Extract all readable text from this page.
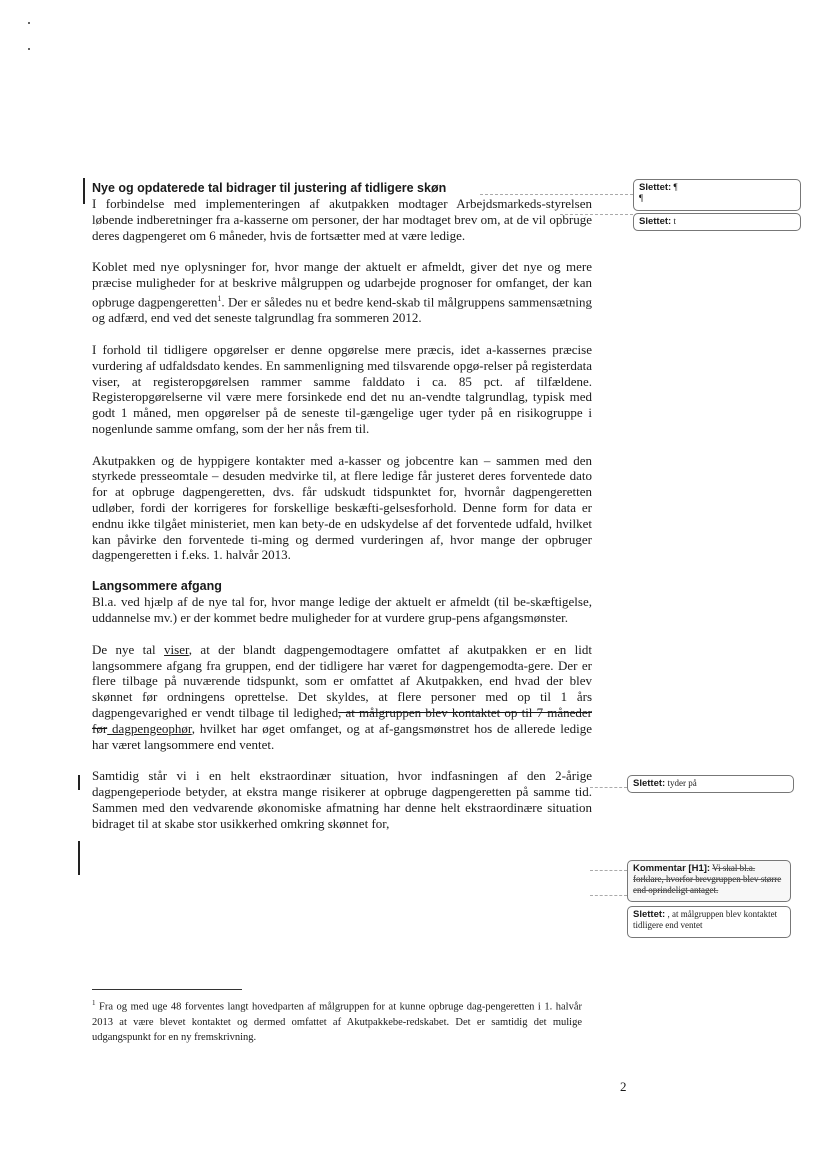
Nye og opdaterede tal bidrager til justering af tidligere skøn

I forbindelse med implementeringen af akutpakken modtager Arbejdsmarkeds-styrelsen løbende indberetninger fra a-kasserne om personer, der har modtaget brev om, at de vil opbruge deres dagpengeret om 6 måneder, hvis de fortsætter med at være ledige.

Koblet med nye oplysninger for, hvor mange der aktuelt er afmeldt, giver det nye og mere præcise muligheder for at beskrive målgruppen og udarbejde prognoser for omfanget, der kan opbruge dagpengeretten$^1$. Der er således nu et bedre kend-skab til målgruppens sammensætning og adfærd, end ved det seneste talgrundlag fra sommeren 2012.

I forhold til tidligere opgørelser er denne opgørelse mere præcis, idet a-kassernes præcise vurdering af udfaldsdato kendes. En sammenligning med tilsvarende opgø-relser på registerdata viser, at registeropgørelsen rammer samme falddato i ca. 85 pct. af tilfældene. Registeropgørelserne vil være mere forsinkede end det nu an-vendte talgrundlag, typisk med godt 1 måned, men opgørelser på de seneste til-gængelige uger tyder på en risikogruppe i nogenlunde samme omfang, som der her nås frem til.

Akutpakken og de hyppigere kontakter med a-kasser og jobcentre kan – sammen med den styrkede presseomtale – desuden medvirke til, at flere ledige får justeret deres forventede dato for at opbruge dagpengeretten, dvs. får udskudt tidspunktet for, hvornår dagpengeretten udløber, fordi der korrigeres for forskellige beskæfti-gelsesforhold. Denne form for data er endnu ikke tilgået ministeriet, men kan bety-de en udskydelse af det forventede udfald, hvilket kan påvirke den forventede ti-ming og dermed vurderingen af, hvor mange der opbruger dagpengeretten i f.eks. 1. halvår 2013.

Langsommere afgang

Bl.a. ved hjælp af de nye tal for, hvor mange ledige der aktuelt er afmeldt (til be-skæftigelse, uddannelse mv.) er der kommet bedre muligheder for at vurdere grup-pens afgangsmønster.

De nye tal viser, at der blandt dagpengemodtagere omfattet af akutpakken er en lidt langsommere afgang fra gruppen, end der tidligere har været for dagpengemodta-gere. Der er flere tilbage på nuværende tidspunkt, som er omfattet af Akutpakken, end hvad der blev skønnet før ordningens oprettelse. Det skyldes, at flere personer med op til 1 års dagpengevarighed er vendt tilbage til ledighed, at målgruppen blev kontaktet op til 7 måneder før dagpengeophør, hvilket har øget omfanget, og at af-gangsmønstret hos de allerede ledige har været langsommere end ventet.

Samtidig står vi i en helt ekstraordinær situation, hvor indfasningen af den 2-årige dagpengeperiode betyder, at ekstra mange risikerer at opbruge dagpengeretten på samme tid. Sammen med den vedvarende økonomiske afmatning har denne helt ekstraordinære situation bidraget til at skabe stor usikkerhed omkring skønnet for,

Slettet: ¶
¶
Slettet: t
Slettet: tyder på
Kommentar [H1]: Vi skal bl.a. forklare, hvorfor brevgruppen blev større end oprindeligt antaget.
Slettet: , at målgruppen blev kontaktet tidligere end ventet
$^1$ Fra og med uge 48 forventes langt hovedparten af målgruppen for at kunne opbruge dag-pengeretten i 1. halvår 2013 at være blevet kontaktet og dermed omfattet af Akutpakkebe-redskabet. Det er samtidig det mulige udgangspunkt for en ny fremskrivning.
2
